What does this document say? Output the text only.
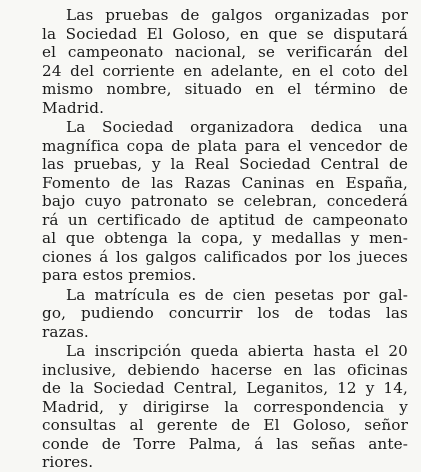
Las pruebas de galgos organizadas por
la Sociedad El Goloso, en que se disputará
el campeonato nacional, se verificarán del
24 del corriente en adelante, en el coto del
mismo nombre, situado en el término de
Madrid.

La Sociedad organizadora dedica una
magnífica copa de plata para el vencedor de
las pruebas, y la Real Sociedad Central de
Fomento de las Razas Caninas en España,
bajo cuyo patronato se celebran, concederá
rá un certificado de aptitud de campeonato
al que obtenga la copa, y medallas y men-
ciones á los galgos calificados por los jueces
para estos premios.

La matrícula es de cien pesetas por gal-
go, pudiendo concurrir los de todas las
razas.

La inscripción queda abierta hasta el 20
inclusive, debiendo hacerse en las oficinas
de la Sociedad Central, Leganitos, 12 y 14,
Madrid, y dirigirse la correspondencia y
consultas al gerente de El Goloso, señor
conde de Torre Palma, á las señas ante-
riores.
